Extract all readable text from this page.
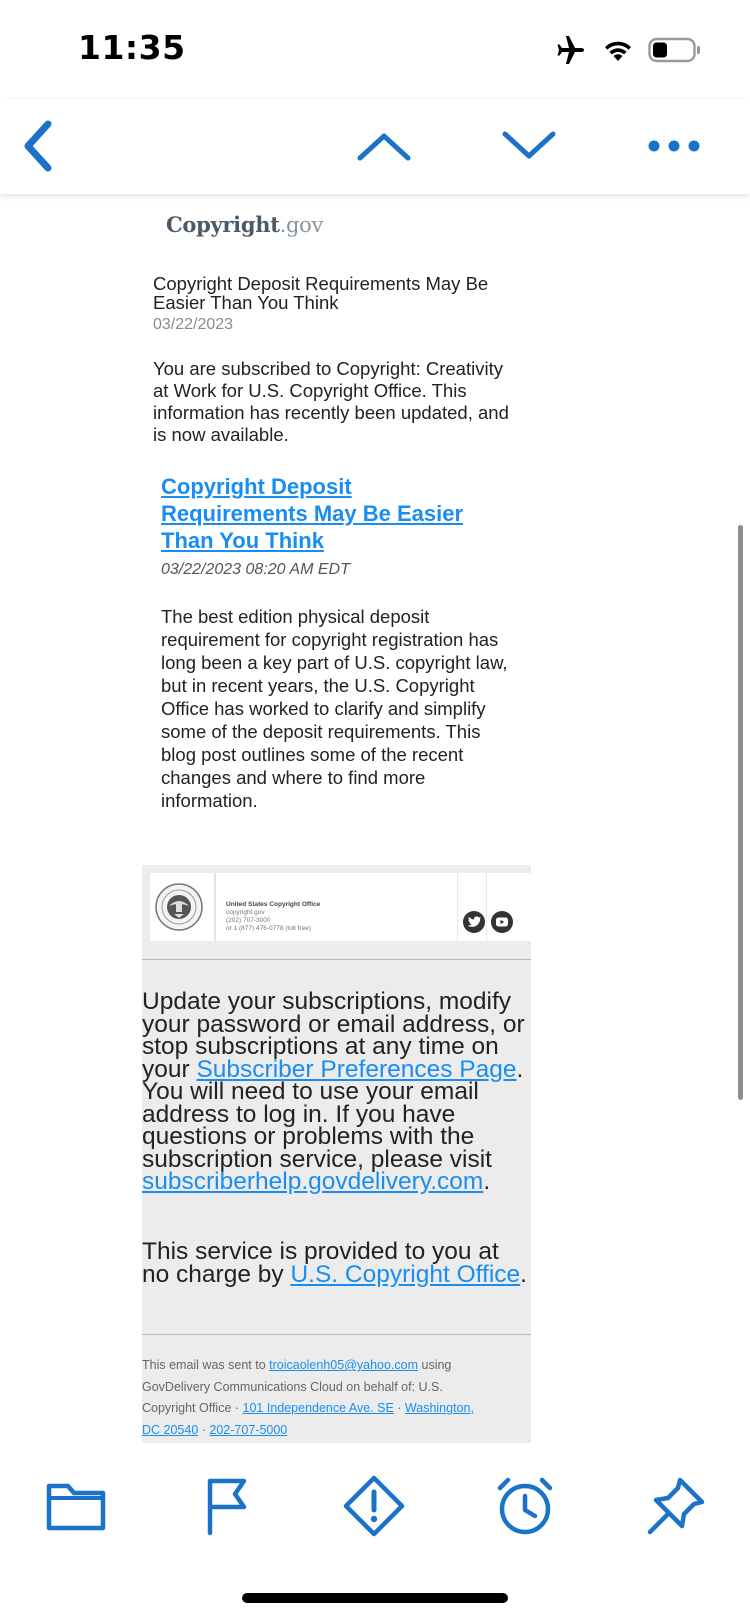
11:35
Copyright.gov
Copyright Deposit Requirements May Be Easier Than You Think
03/22/2023
You are subscribed to Copyright: Creativity at Work for U.S. Copyright Office. This information has recently been updated, and is now available.
Copyright Deposit Requirements May Be Easier Than You Think
03/22/2023 08:20 AM EDT
The best edition physical deposit requirement for copyright registration has long been a key part of U.S. copyright law, but in recent years, the U.S. Copyright Office has worked to clarify and simplify some of the deposit requirements. This blog post outlines some of the recent changes and where to find more information.
United States Copyright Office
copyright.gov
(202) 707-3000
or 1 (877) 476-0778 (toll free)
Update your subscriptions, modify your password or email address, or stop subscriptions at any time on your Subscriber Preferences Page. You will need to use your email address to log in. If you have questions or problems with the subscription service, please visit subscriberhelp.govdelivery.com.
This service is provided to you at no charge by U.S. Copyright Office.
This email was sent to troicaolenh05@yahoo.com using GovDelivery Communications Cloud on behalf of: U.S. Copyright Office · 101 Independence Ave. SE · Washington, DC 20540 · 202-707-5000
